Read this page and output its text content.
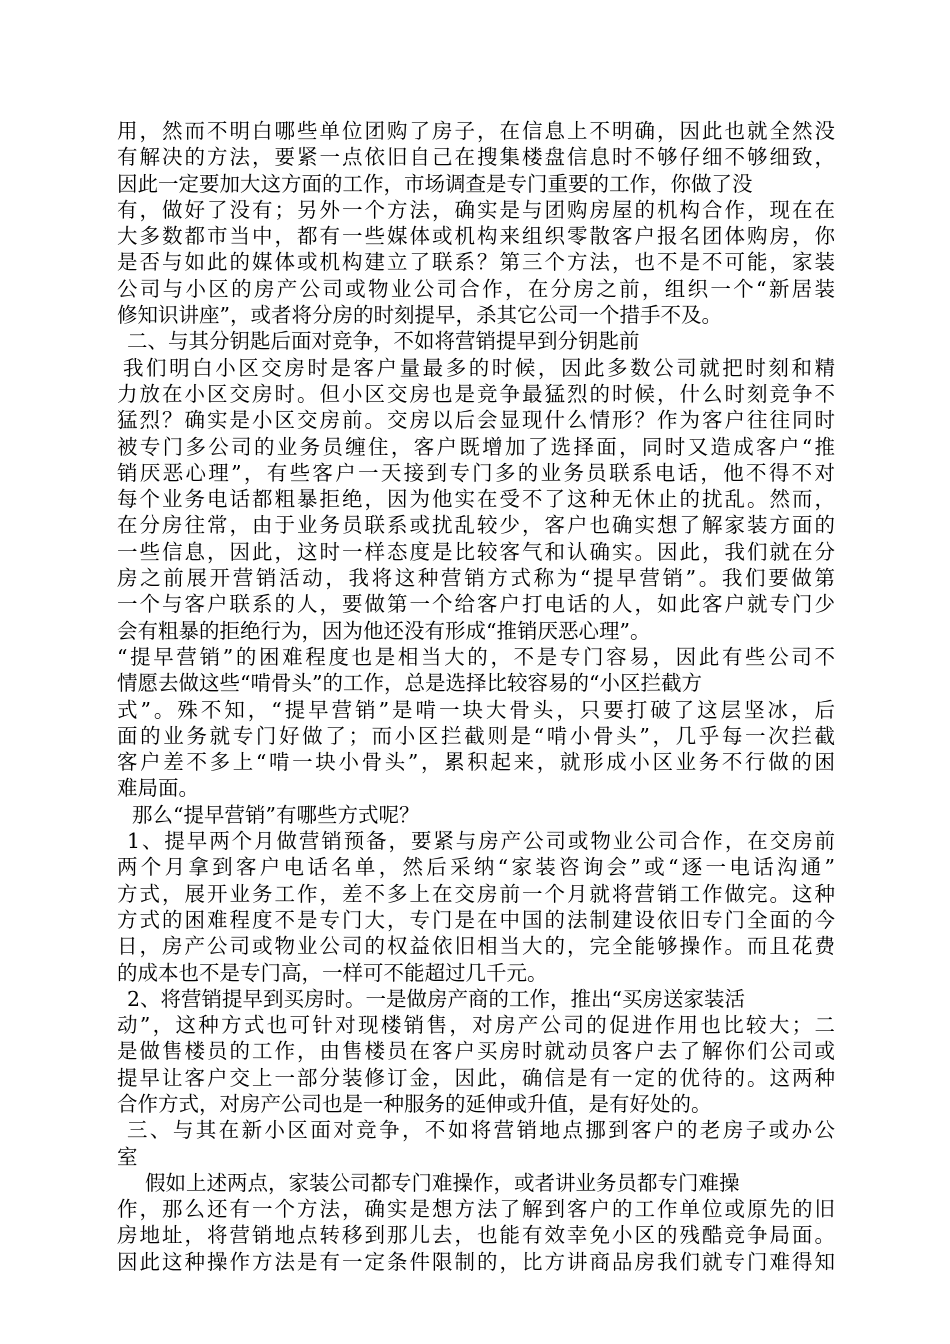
用，然而不明白哪些单位团购了房子，在信息上不明确，因此也就全然没
有解决的方法，要紧一点依旧自己在搜集楼盘信息时不够仔细不够细致，
因此一定要加大这方面的工作，市场调查是专门重要的工作，你做了没
有，做好了没有；另外一个方法，确实是与团购房屋的机构合作，现在在
大多数都市当中，都有一些媒体或机构来组织零散客户报名团体购房，你
是否与如此的媒体或机构建立了联系？第三个方法，也不是不可能，家装
公司与小区的房产公司或物业公司合作，在分房之前，组织一个“新居装
修知识讲座”，或者将分房的时刻提早，杀其它公司一个措手不及。
二、与其分钥匙后面对竞争，不如将营销提早到分钥匙前
我们明白小区交房时是客户量最多的时候，因此多数公司就把时刻和精
力放在小区交房时。但小区交房也是竞争最猛烈的时候，什么时刻竞争不
猛烈？确实是小区交房前。交房以后会显现什么情形？作为客户往往同时
被专门多公司的业务员缠住，客户既增加了选择面，同时又造成客户“推
销厌恶心理”，有些客户一天接到专门多的业务员联系电话，他不得不对
每个业务电话都粗暴拒绝，因为他实在受不了这种无休止的扰乱。然而，
在分房往常，由于业务员联系或扰乱较少，客户也确实想了解家装方面的
一些信息，因此，这时一样态度是比较客气和认确实。因此，我们就在分
房之前展开营销活动，我将这种营销方式称为“提早营销”。我们要做第
一个与客户联系的人，要做第一个给客户打电话的人，如此客户就专门少
会有粗暴的拒绝行为，因为他还没有形成“推销厌恶心理”。
“提早营销”的困难程度也是相当大的，不是专门容易，因此有些公司不
情愿去做这些“啃骨头”的工作，总是选择比较容易的“小区拦截方
式”。殊不知，“提早营销”是啃一块大骨头，只要打破了这层坚冰，后
面的业务就专门好做了；而小区拦截则是“啃小骨头”，几乎每一次拦截
客户差不多上“啃一块小骨头”，累积起来，就形成小区业务不行做的困
难局面。
那么“提早营销”有哪些方式呢？
1、提早两个月做营销预备，要紧与房产公司或物业公司合作，在交房前
两个月拿到客户电话名单，然后采纳“家装咨询会”或“逐一电话沟通”
方式，展开业务工作，差不多上在交房前一个月就将营销工作做完。这种
方式的困难程度不是专门大，专门是在中国的法制建设依旧专门全面的今
日，房产公司或物业公司的权益依旧相当大的，完全能够操作。而且花费
的成本也不是专门高，一样可不能超过几千元。
2、将营销提早到买房时。一是做房产商的工作，推出“买房送家装活
动”，这种方式也可针对现楼销售，对房产公司的促进作用也比较大；二
是做售楼员的工作，由售楼员在客户买房时就动员客户去了解你们公司或
提早让客户交上一部分装修订金，因此，确信是有一定的优待的。这两种
合作方式，对房产公司也是一种服务的延伸或升值，是有好处的。
三、与其在新小区面对竞争，不如将营销地点挪到客户的老房子或办公
室
假如上述两点，家装公司都专门难操作，或者讲业务员都专门难操
作，那么还有一个方法，确实是想方法了解到客户的工作单位或原先的旧
房地址，将营销地点转移到那儿去，也能有效幸免小区的残酷竞争局面。
因此这种操作方法是有一定条件限制的，比方讲商品房我们就专门难得知
